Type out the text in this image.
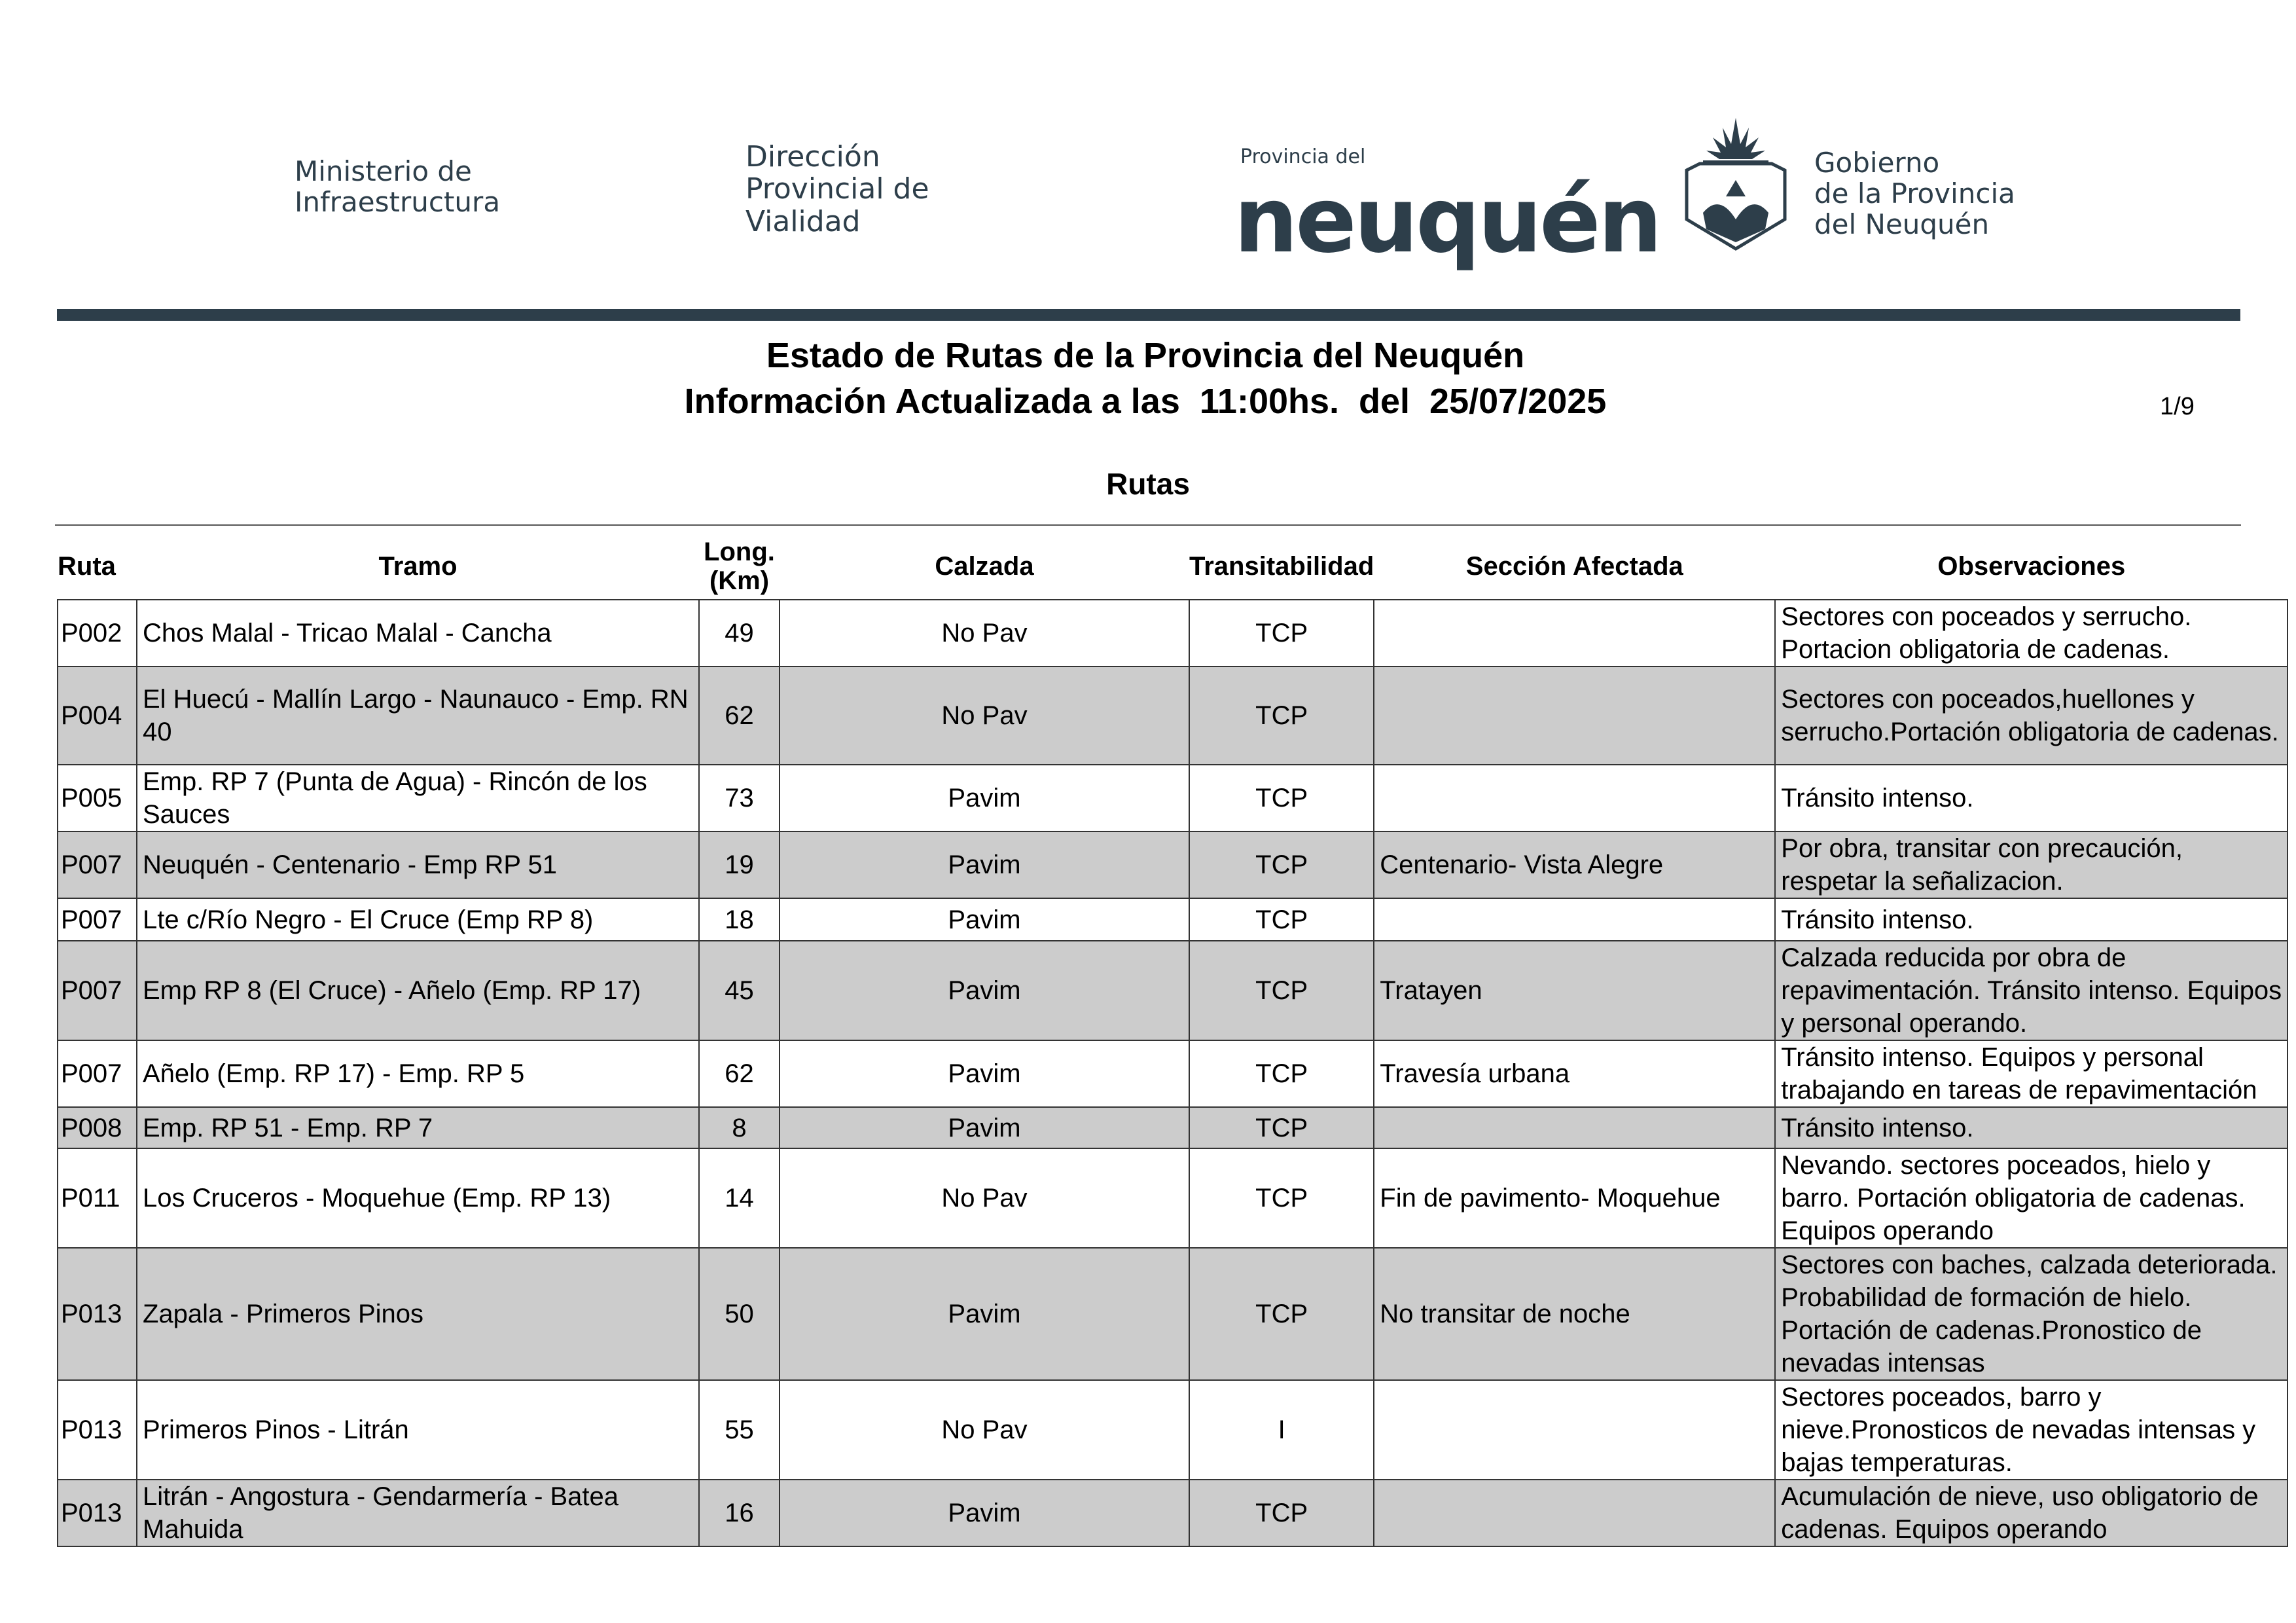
Ministerio de
Infraestructura
Dirección
Provincial de
Vialidad
Provincia del
neuquén
Gobierno
de la Provincia
del Neuquén
Estado de Rutas de la Provincia del Neuquén
Información Actualizada a las  11:00hs.  del  25/07/2025	1/9
Rutas
Ruta	Tramo	Long. (Km)	Calzada	Transitabilidad	Sección Afectada	Observaciones
P002	Chos Malal - Tricao Malal - Cancha	49	No Pav	TCP		Sectores con poceados y serrucho. Portacion obligatoria de cadenas.
P004	El Huecú - Mallín Largo - Naunauco - Emp. RN 40	62	No Pav	TCP		Sectores con poceados,huellones y serrucho.Portación obligatoria de cadenas.
P005	Emp. RP 7 (Punta de Agua) - Rincón de los Sauces	73	Pavim	TCP		Tránsito intenso.
P007	Neuquén - Centenario - Emp RP 51	19	Pavim	TCP	Centenario- Vista Alegre	Por obra, transitar con precaución, respetar la señalizacion.
P007	Lte c/Río Negro - El Cruce (Emp RP 8)	18	Pavim	TCP		Tránsito intenso.
P007	Emp RP 8 (El Cruce) - Añelo (Emp. RP 17)	45	Pavim	TCP	Tratayen	Calzada reducida por obra de repavimentación. Tránsito intenso. Equipos y personal operando.
P007	Añelo (Emp. RP 17) - Emp. RP 5	62	Pavim	TCP	Travesía urbana	Tránsito intenso. Equipos y personal trabajando en tareas de repavimentación
P008	Emp. RP 51 - Emp. RP 7	8	Pavim	TCP		Tránsito intenso.
P011	Los Cruceros - Moquehue (Emp. RP 13)	14	No Pav	TCP	Fin de pavimento- Moquehue	Nevando. sectores poceados, hielo y barro. Portación obligatoria de cadenas. Equipos operando
P013	Zapala - Primeros Pinos	50	Pavim	TCP	No transitar de noche	Sectores con baches, calzada deteriorada. Probabilidad de formación de hielo. Portación de cadenas.Pronostico de nevadas intensas
P013	Primeros Pinos - Litrán	55	No Pav	I		Sectores poceados, barro y nieve.Pronosticos de nevadas intensas y bajas temperaturas.
P013	Litrán - Angostura - Gendarmería - Batea Mahuida	16	Pavim	TCP		Acumulación de nieve, uso obligatorio de cadenas. Equipos operando
